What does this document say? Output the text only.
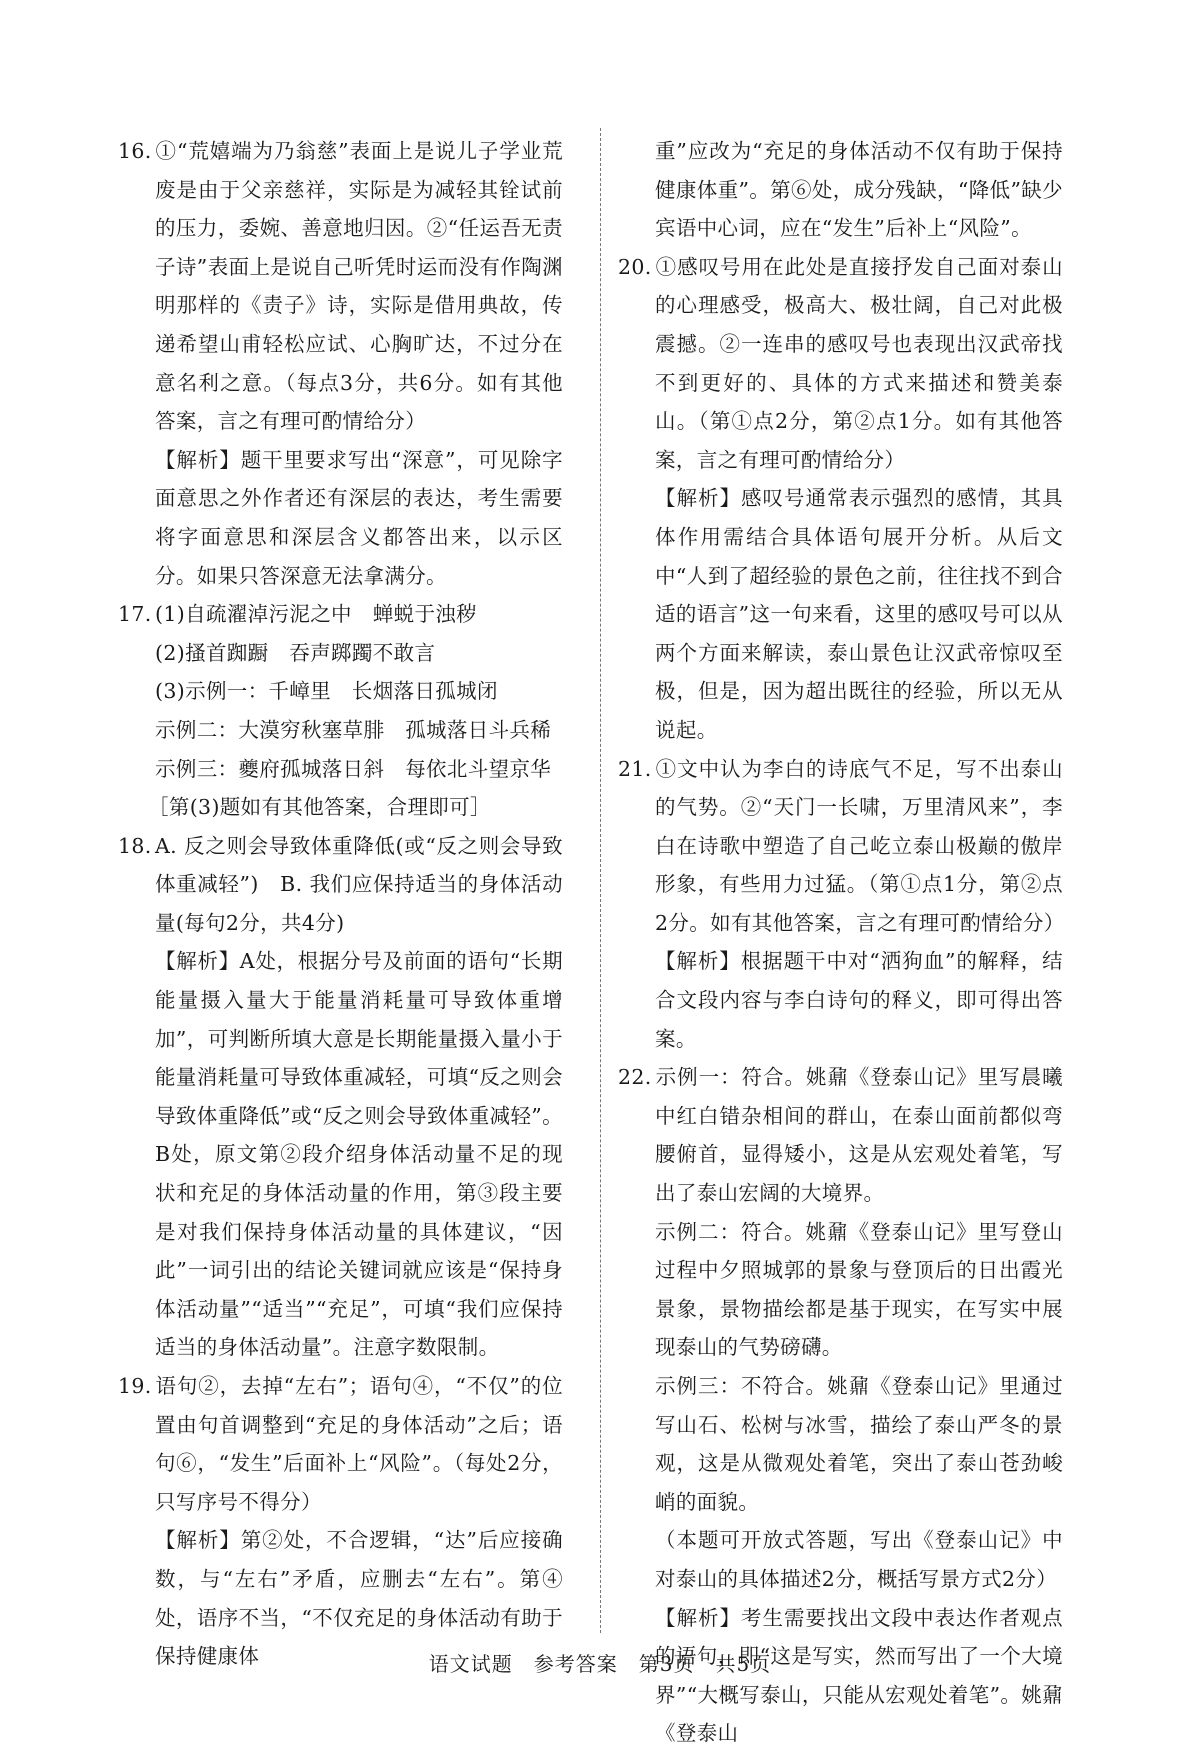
16. ①“荒嬉端为乃翁慈”表面上是说儿子学业荒废是由于父亲慈祥，实际是为减轻其铨试前的压力，委婉、善意地归因。②“任运吾无责子诗”表面上是说自己听凭时运而没有作陶渊明那样的《责子》诗，实际是借用典故，传递希望山甫轻松应试、心胸旷达，不过分在意名利之意。（每点3分，共6分。如有其他答案，言之有理可酌情给分）

【解析】题干里要求写出“深意”，可见除字面意思之外作者还有深层的表达，考生需要将字面意思和深层含义都答出来，以示区分。如果只答深意无法拿满分。

17. (1)自疏濯淖污泥之中　蝉蜕于浊秽

(2)搔首踟蹰　吞声踯躅不敢言

(3)示例一：千嶂里　长烟落日孤城闭

示例二：大漠穷秋塞草腓　孤城落日斗兵稀

示例三：夔府孤城落日斜　每依北斗望京华

［第(3)题如有其他答案，合理即可］

18. A. 反之则会导致体重降低(或“反之则会导致体重减轻”)　B. 我们应保持适当的身体活动量(每句2分，共4分)

【解析】A处，根据分号及前面的语句“长期能量摄入量大于能量消耗量可导致体重增加”，可判断所填大意是长期能量摄入量小于能量消耗量可导致体重减轻，可填“反之则会导致体重降低”或“反之则会导致体重减轻”。B处，原文第②段介绍身体活动量不足的现状和充足的身体活动量的作用，第③段主要是对我们保持身体活动量的具体建议，“因此”一词引出的结论关键词就应该是“保持身体活动量”“适当”“充足”，可填“我们应保持适当的身体活动量”。注意字数限制。

19. 语句②，去掉“左右”；语句④，“不仅”的位置由句首调整到“充足的身体活动”之后；语句⑥，“发生”后面补上“风险”。（每处2分，只写序号不得分）

【解析】第②处，不合逻辑，“达”后应接确数，与“左右”矛盾，应删去“左右”。第④处，语序不当，“不仅充足的身体活动有助于保持健康体

重”应改为“充足的身体活动不仅有助于保持健康体重”。第⑥处，成分残缺，“降低”缺少宾语中心词，应在“发生”后补上“风险”。

20. ①感叹号用在此处是直接抒发自己面对泰山的心理感受，极高大、极壮阔，自己对此极震撼。②一连串的感叹号也表现出汉武帝找不到更好的、具体的方式来描述和赞美泰山。（第①点2分，第②点1分。如有其他答案，言之有理可酌情给分）

【解析】感叹号通常表示强烈的感情，其具体作用需结合具体语句展开分析。从后文中“人到了超经验的景色之前，往往找不到合适的语言”这一句来看，这里的感叹号可以从两个方面来解读，泰山景色让汉武帝惊叹至极，但是，因为超出既往的经验，所以无从说起。

21. ①文中认为李白的诗底气不足，写不出泰山的气势。②“天门一长啸，万里清风来”，李白在诗歌中塑造了自己屹立泰山极巅的傲岸形象，有些用力过猛。（第①点1分，第②点2分。如有其他答案，言之有理可酌情给分）

【解析】根据题干中对“洒狗血”的解释，结合文段内容与李白诗句的释义，即可得出答案。

22. 示例一：符合。姚鼐《登泰山记》里写晨曦中红白错杂相间的群山，在泰山面前都似弯腰俯首，显得矮小，这是从宏观处着笔，写出了泰山宏阔的大境界。

示例二：符合。姚鼐《登泰山记》里写登山过程中夕照城郭的景象与登顶后的日出霞光景象，景物描绘都是基于现实，在写实中展现泰山的气势磅礴。

示例三：不符合。姚鼐《登泰山记》里通过写山石、松树与冰雪，描绘了泰山严冬的景观，这是从微观处着笔，突出了泰山苍劲峻峭的面貌。

（本题可开放式答题，写出《登泰山记》中对泰山的具体描述2分，概括写景方式2分）

【解析】考生需要找出文段中表达作者观点的语句，即“这是写实，然而写出了一个大境界”“大概写泰山，只能从宏观处着笔”。姚鼐《登泰山

语文试题　参考答案　第3页　共5页
